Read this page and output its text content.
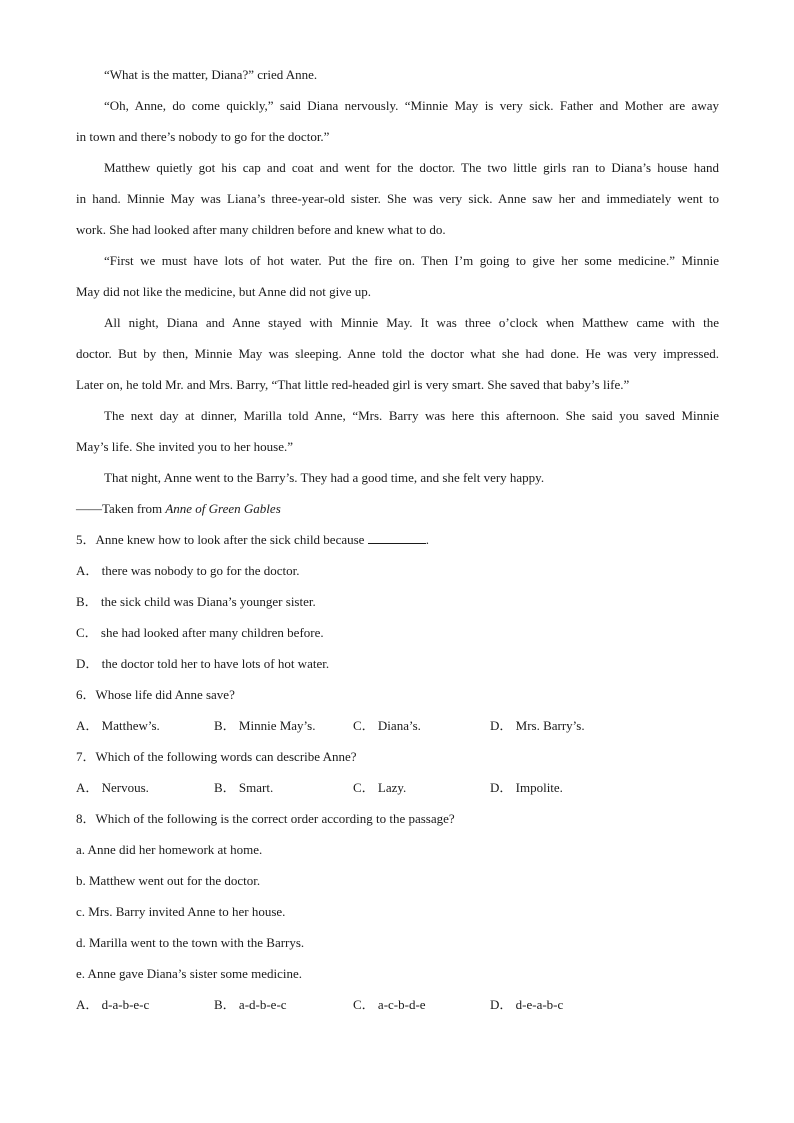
“What is the matter, Diana?” cried Anne.
“Oh, Anne, do come quickly,” said Diana nervously. “Minnie May is very sick. Father and Mother are away
in town and there’s nobody to go for the doctor.”
Matthew quietly got his cap and coat and went for the doctor. The two little girls ran to Diana’s house hand
in hand. Minnie May was Liana’s three-year-old sister. She was very sick. Anne saw her and immediately went to
work. She had looked after many children before and knew what to do.
“First we must have lots of hot water. Put the fire on. Then I’m going to give her some medicine.” Minnie
May did not like the medicine, but Anne did not give up.
All night, Diana and Anne stayed with Minnie May. It was three o’clock when Matthew came with the
doctor. But by then, Minnie May was sleeping. Anne told the doctor what she had done. He was very impressed.
Later on, he told Mr. and Mrs. Barry, “That little red-headed girl is very smart. She saved that baby’s life.”
The next day at dinner, Marilla told Anne, “Mrs. Barry was here this afternoon. She said you saved Minnie
May’s life. She invited you to her house.”
That night, Anne went to the Barry’s. They had a good time, and she felt very happy.
——Taken from Anne of Green Gables
5．Anne knew how to look after the sick child because	.
A． there was nobody to go for the doctor.
B． the sick child was Diana’s younger sister.
C． she had looked after many children before.
D． the doctor told her to have lots of hot water.
6．Whose life did Anne save?
A． Matthew’s.	B． Minnie May’s.	C． Diana’s.	D． Mrs. Barry’s.
7．Which of the following words can describe Anne?
A． Nervous.	B． Smart.	C． Lazy.	D． Impolite.
8．Which of the following is the correct order according to the passage?
a. Anne did her homework at home.
b. Matthew went out for the doctor.
c. Mrs. Barry invited Anne to her house.
d. Marilla went to the town with the Barrys.
e. Anne gave Diana’s sister some medicine.
A． d-a-b-e-c	B． a-d-b-e-c	C． a-c-b-d-e	D． d-e-a-b-c
